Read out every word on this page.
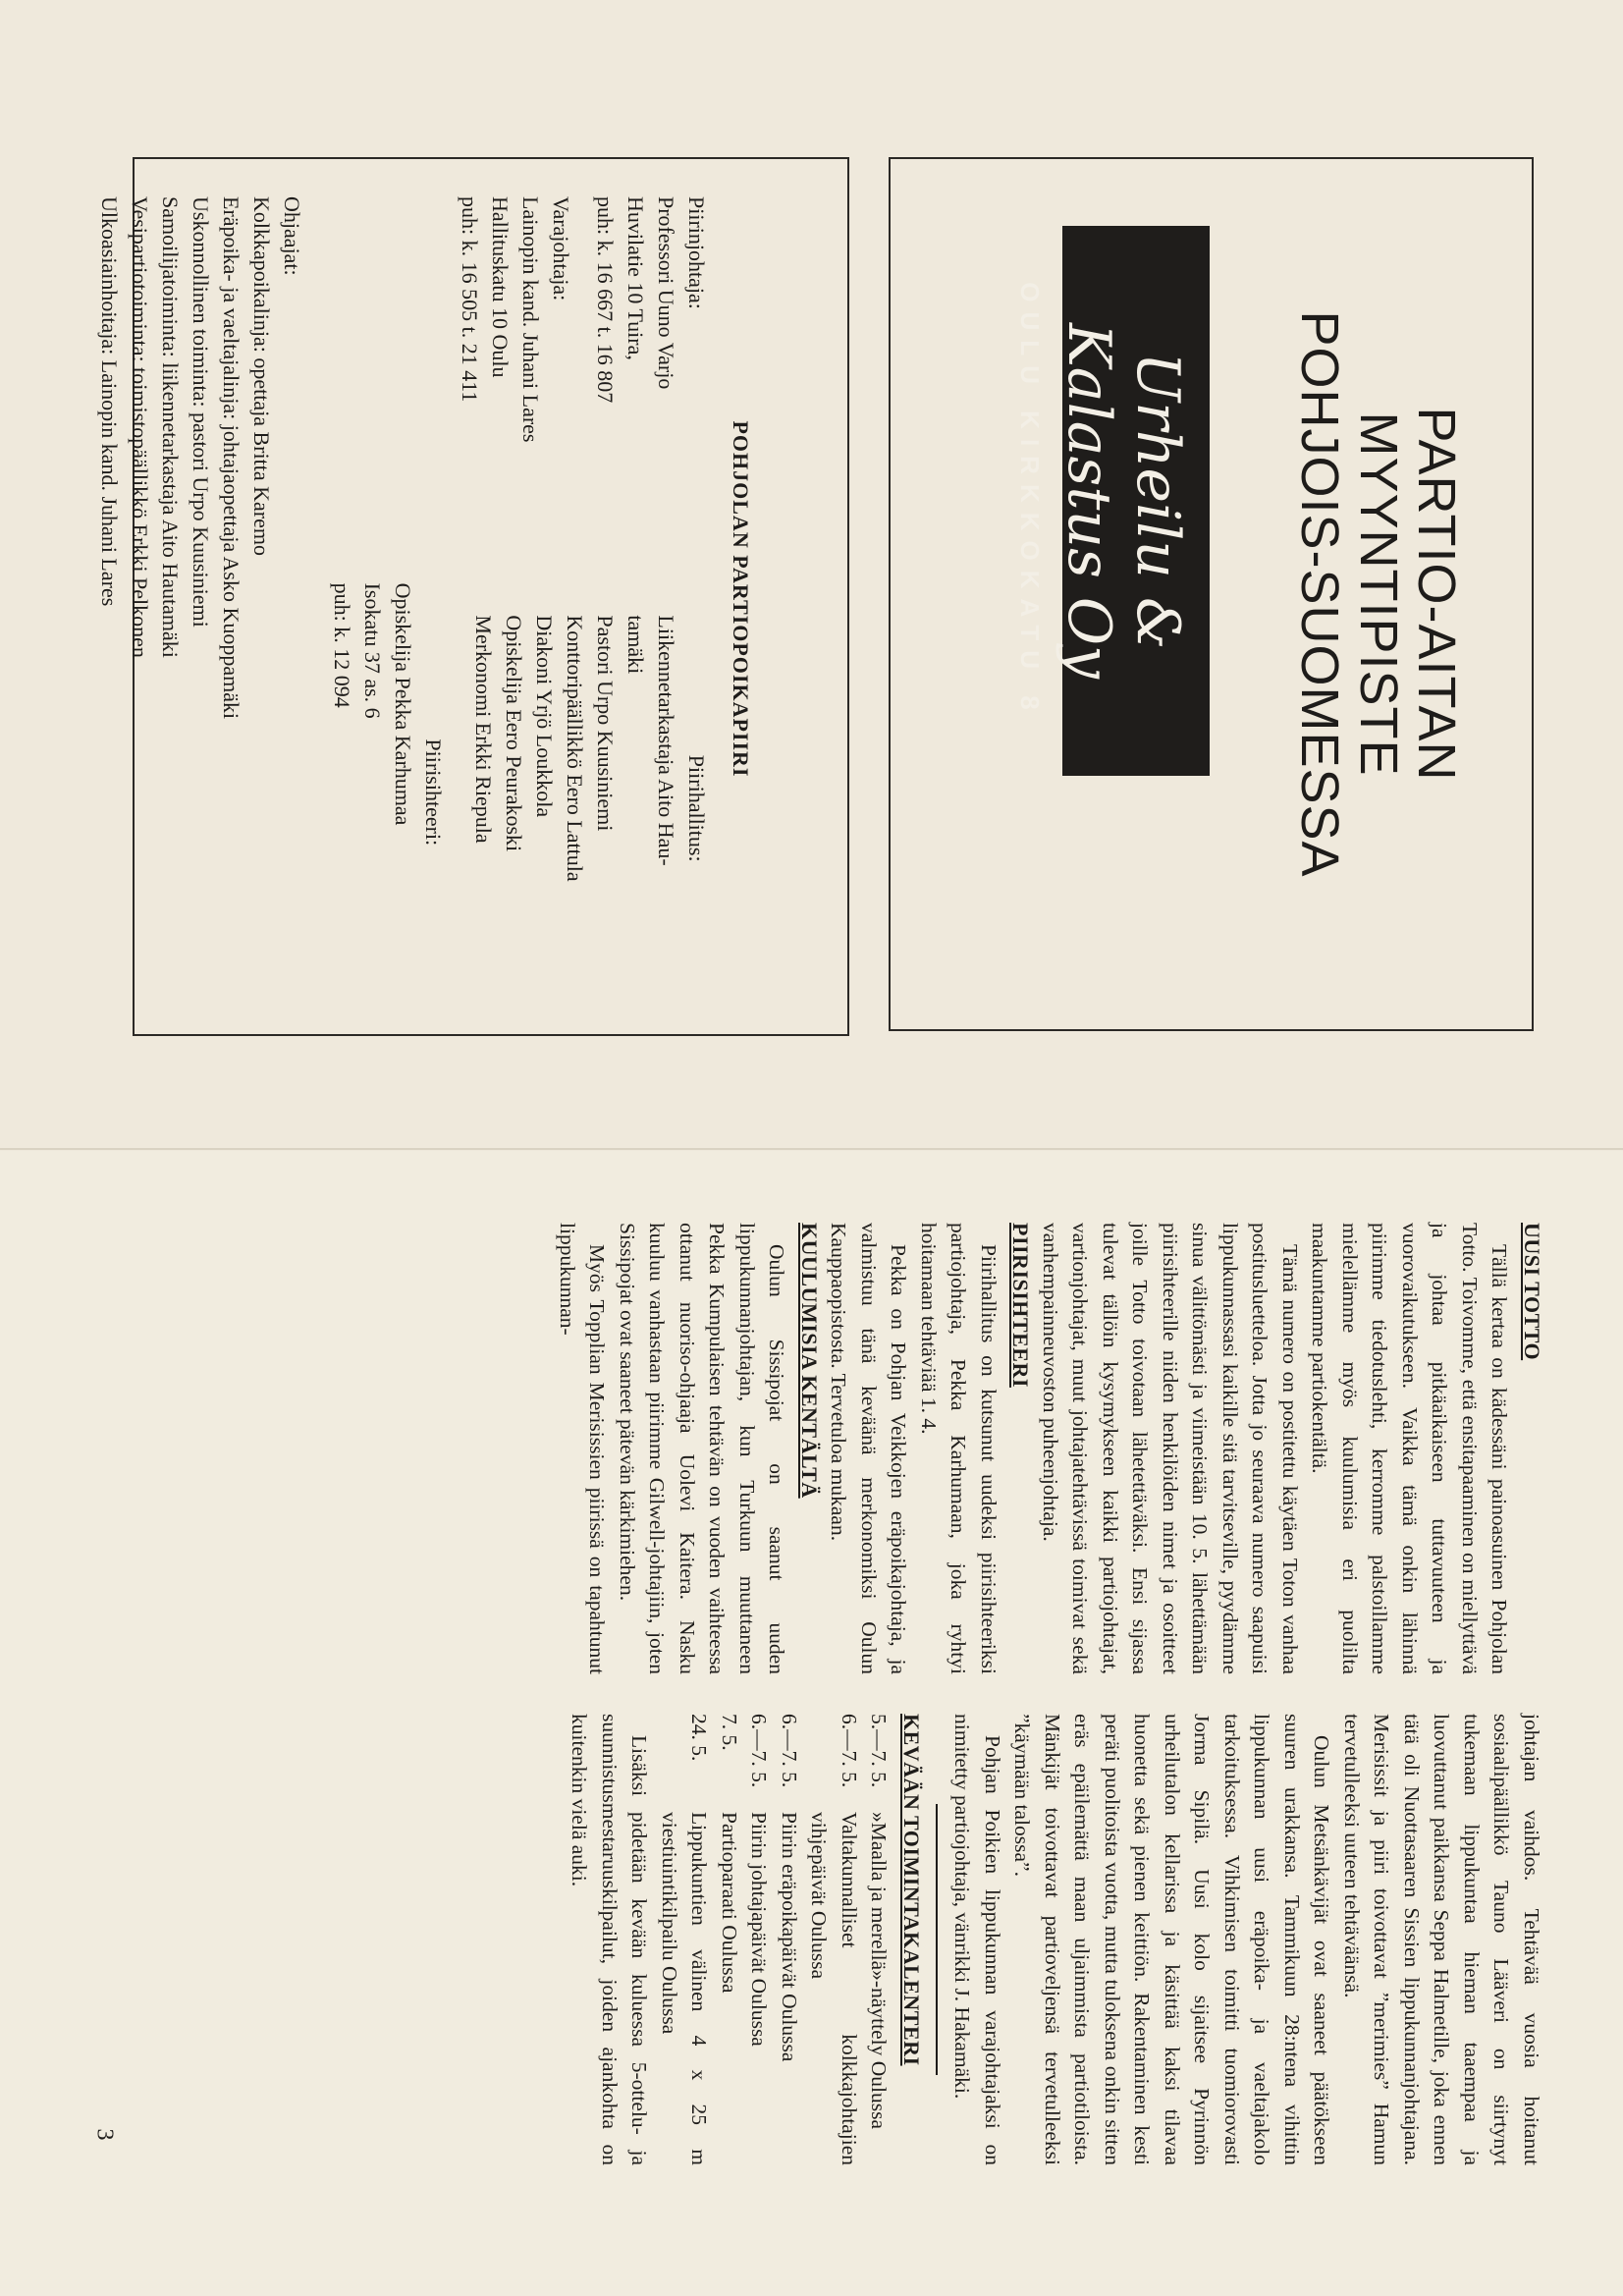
PARTIO-AITAN

MYYNTIPISTE

POHJOIS-SUOMESSA

Urheilu & Kalastus Oy
OULU KIRKKOKATU 8
POHJOLAN PARTIOPOIKAPIIRI
Piirinjohtaja:
Professori Uuno Varjo
Huvilatie 10 Tuira,
puh: k. 16 667 t. 16 807
Varajohtaja:
Lainopin kand. Juhani Lares
Hallituskatu 10 Oulu
puh: k. 16 505 t. 21 411
Piirihallitus:
Liikennetarkastaja Aito Hau-
tamäki
Pastori Urpo Kuusiniemi
Konttoripäällikkö Eero Lattula
Diakoni Yrjö Loukkola
Opiskelija Eero Peurakoski
Merkonomi Erkki Riepula
Piirisihteeri:
Opiskelija Pekka Karhumaa
Isokatu 37 as. 6
puh: k. 12 094
Ohjaajat:
Kolkkapoikalinja: opettaja Britta Karemo
Eräpoika- ja vaeltajalinja: johtajaopettaja Asko Kuoppamäki
Uskonnollinen toiminta: pastori Urpo Kuusiniemi
Samoilijatoiminta: liikennetarkastaja Aito Hautamäki
Vesipartiotoiminta: toimistopäällikkö Erkki Pelkonen
Ulkoasiainhoitaja: Lainopin kand. Juhani Lares
UUSI TOTTO

Tällä kertaa on kädessäni painoasuinen Pohjolan Totto. Toivomme, että ensitapaaminen on miellyttävä ja johtaa pitkäaikaiseen tuttavuuteen ja vuorovaikutukseen. Vaikka tämä onkin lähinnä piirimme tiedotuslehti, kerromme palstoillamme mielellämme myös kuulumisia eri puolilta maakuntamme partiokentältä.

Tämä numero on postitettu käytäen Toton vanhaa postitusluetteloa. Jotta jo seuraava numero saapuisi lippukunnassasi kaikille sitä tarvitseville, pyydämme sinua välittömästi ja viimeistään 10. 5. lähettämään piirisihteerille niiden henkilöiden nimet ja osoitteet joille Totto toivotaan lähetettäväksi. Ensi sijassa tulevat tällöin kysymykseen kaikki partiojohtajat, vartionjohtajat, muut johtajatehtävissä toimivat sekä vanhempainneuvoston puheenjohtaja.

PIIRISIHTEERI

Piirihallitus on kutsunut uudeksi piirisihteeriksi partiojohtaja, Pekka Karhumaan, joka ryhtyi hoitamaan tehtäviää 1. 4.

Pekka on Pohjan Veikkojen eräpoikajohtaja, ja valmistuu tänä keväänä merkonomiksi Oulun Kauppaopistosta. Tervetuloa mukaan.

KUULUMISIA KENTÄLTÄ

Oulun Sissipojat on saanut uuden lippukunnanjohtajan, kun Turkuun muuttaneen Pekka Kumpulaisen tehtävän on vuoden vaihteessa ottanut nuoriso-ohjaaja Uolevi Kaitera. Nasku kuuluu vanhastaan piirimme Gilwell-johtajiin, joten Sissipojat ovat saaneet pätevän kärkimiehen.

Myös Topplian Merisissien piirissä on tapahtunut lippukunnan-

johtajan vaihdos. Tehtävää vuosia hoitanut sosiaalipäällikkö Tauno Lääveri on siirtynyt tukemaan lippukuntaa hieman taaempaa ja luovuttanut paikkansa Seppa Halmetille, joka ennen tätä oli Nuottasaaren Sissien lippukunnanjohtajana. Merisissit ja piiri toivottavat ”merimies” Hamun tervetulleeksi uuteen tehtäväänsä.

Oulun Metsänkävijät ovat saaneet päätökseen suuren urakkansa. Tammikuun 28:ntena vihittin lippukunnan uusi eräpoika- ja vaeltajakolo tarkoituksessa. Vihkimisen toimitti tuomiorovasti Jorma Sipilä. Uusi kolo sijaitsee Pyrinnön urheilutalon kellarissa ja käsittää kaksi tilavaa huonetta sekä pienen keittiön. Rakentaminen kesti peräti puolitoista vuotta, mutta tuloksena onkin sitten eräs epäilemättä maan uljaimmista partiotiloista. Mänkijät toivottavat partioveljensä tervetulleeksi ”käymään talossa”.

Pohjan Poikien lippukunnan varajohtajaksi on nimitetty partiojohtaja, vänrikki J. Hakamäki.

KEVÄÄN TOIMINTAKALENTERI
5.—7. 5.
»Maalla ja merellä»-näyttely Oulussa
6.—7. 5.
Valtakunnalliset kolkkajohtajien vihjepäivät Oulussa
6.—7. 5.
Piirin eräpoikapäivät Oulussa
6.—7. 5.
Piirin johtajapäivät Oulussa
7. 5.
Partioparaati Oulussa
24. 5.
Lippukuntien välinen 4 x 25 m viestiuintikilpailu Oulussa

Lisäksi pidetään kevään kuluessa 5-ottelu- ja suunnistusmestaruuskilpailut, joiden ajankohta on kuitenkin vielä auki.

3
